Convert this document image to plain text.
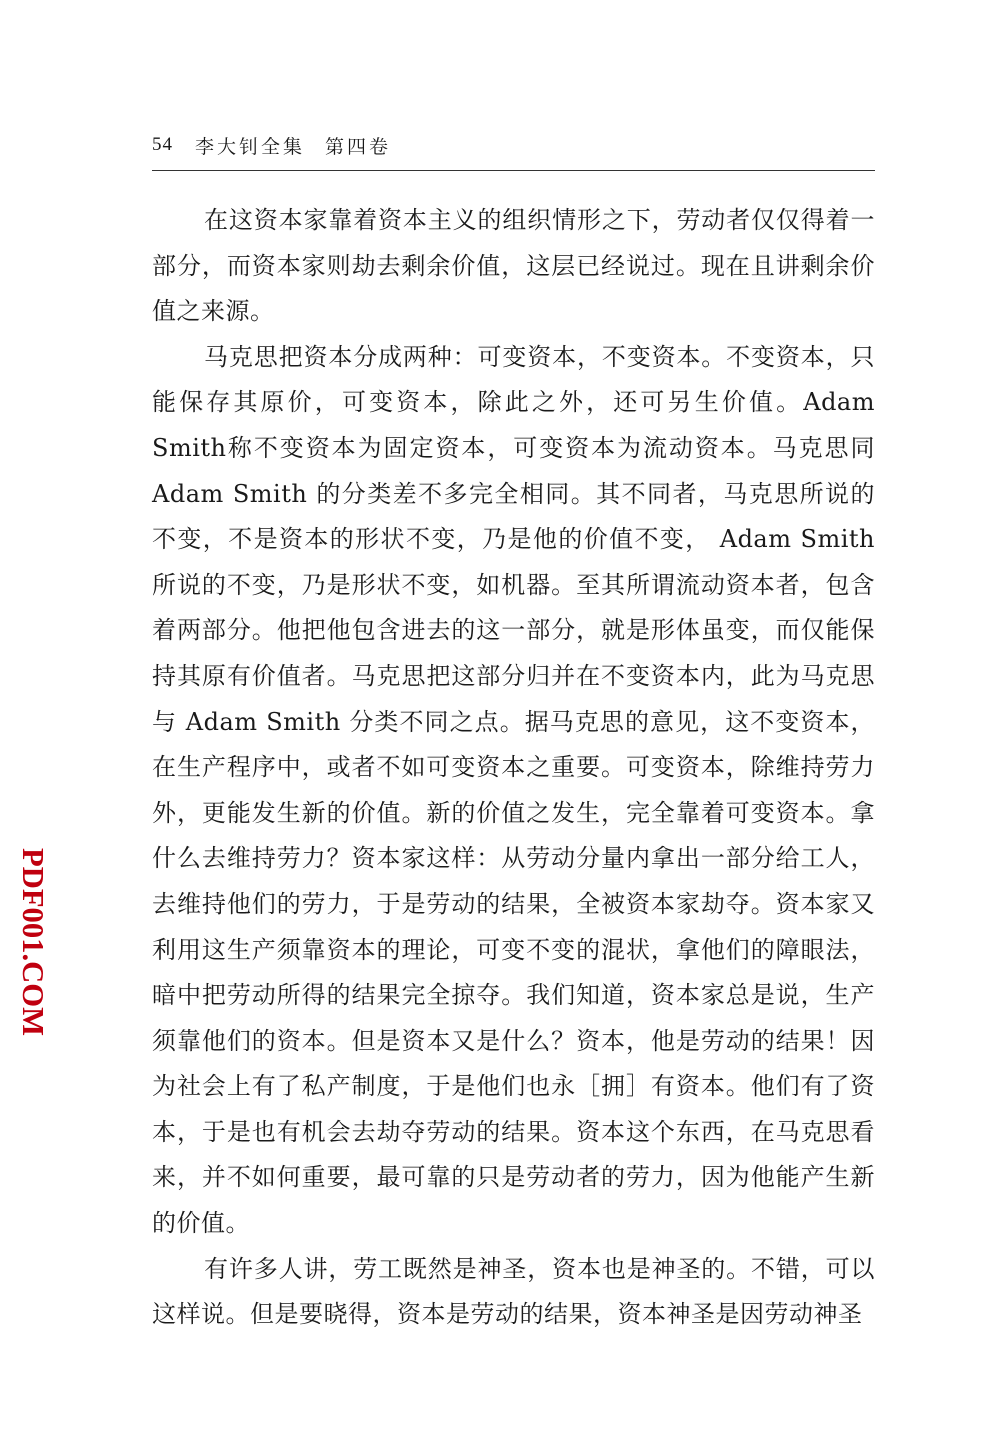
54 李大钊全集 第四卷

在这资本家靠着资本主义的组织情形之下，劳动者仅仅得着一部分，而资本家则劫去剩余价值，这层已经说过。现在且讲剩余价值之来源。

马克思把资本分成两种：可变资本，不变资本。不变资本，只能保存其原价，可变资本，除此之外，还可另生价值。Adam Smith称不变资本为固定资本，可变资本为流动资本。马克思同 Adam Smith 的分类差不多完全相同。其不同者，马克思所说的不变，不是资本的形状不变，乃是他的价值不变， Adam Smith 所说的不变，乃是形状不变，如机器。至其所谓流动资本者，包含着两部分。他把他包含进去的这一部分，就是形体虽变，而仅能保持其原有价值者。马克思把这部分归并在不变资本内，此为马克思与 Adam Smith 分类不同之点。据马克思的意见，这不变资本，在生产程序中，或者不如可变资本之重要。可变资本，除维持劳力外，更能发生新的价值。新的价值之发生，完全靠着可变资本。拿什么去维持劳力？资本家这样：从劳动分量内拿出一部分给工人，去维持他们的劳力，于是劳动的结果，全被资本家劫夺。资本家又利用这生产须靠资本的理论，可变不变的混状，拿他们的障眼法，暗中把劳动所得的结果完全掠夺。我们知道，资本家总是说，生产须靠他们的资本。但是资本又是什么？资本，他是劳动的结果！因为社会上有了私产制度，于是他们也永［拥］有资本。他们有了资本，于是也有机会去劫夺劳动的结果。资本这个东西，在马克思看来，并不如何重要，最可靠的只是劳动者的劳力，因为他能产生新的价值。

有许多人讲，劳工既然是神圣，资本也是神圣的。不错，可以这样说。但是要晓得，资本是劳动的结果，资本神圣是因劳动神圣

PDF001.COM
